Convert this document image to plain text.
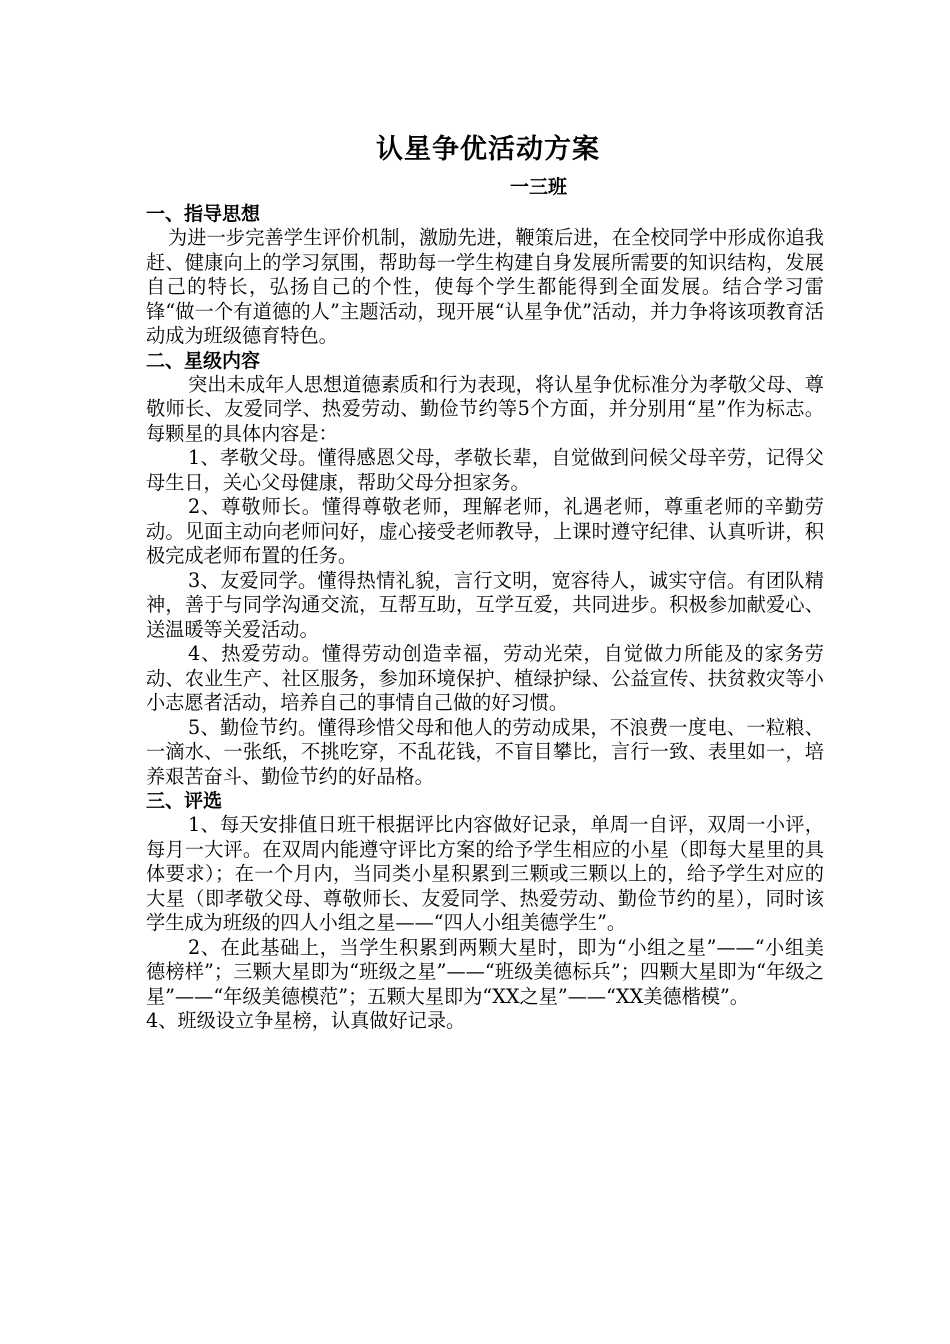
认星争优活动方案
一三班
一、指导思想

为进一步完善学生评价机制，激励先进，鞭策后进，在全校同学中形成你追我赶、健康向上的学习氛围，帮助每一学生构建自身发展所需要的知识结构，发展自己的特长，弘扬自己的个性，使每个学生都能得到全面发展。结合学习雷锋“做一个有道德的人”主题活动，现开展“认星争优”活动，并力争将该项教育活动成为班级德育特色。

二、星级内容

突出未成年人思想道德素质和行为表现，将认星争优标准分为孝敬父母、尊敬师长、友爱同学、热爱劳动、勤俭节约等5个方面，并分别用“星”作为标志。每颗星的具体内容是：

1、孝敬父母。懂得感恩父母，孝敬长辈，自觉做到问候父母辛劳，记得父母生日，关心父母健康，帮助父母分担家务。

2、尊敬师长。懂得尊敬老师，理解老师，礼遇老师，尊重老师的辛勤劳动。见面主动向老师问好，虚心接受老师教导，上课时遵守纪律、认真听讲，积极完成老师布置的任务。

3、友爱同学。懂得热情礼貌，言行文明，宽容待人，诚实守信。有团队精神，善于与同学沟通交流，互帮互助，互学互爱，共同进步。积极参加献爱心、送温暖等关爱活动。

4、热爱劳动。懂得劳动创造幸福，劳动光荣，自觉做力所能及的家务劳动、农业生产、社区服务，参加环境保护、植绿护绿、公益宣传、扶贫救灾等小小志愿者活动，培养自己的事情自己做的好习惯。

5、勤俭节约。懂得珍惜父母和他人的劳动成果，不浪费一度电、一粒粮、一滴水、一张纸，不挑吃穿，不乱花钱，不盲目攀比，言行一致、表里如一，培养艰苦奋斗、勤俭节约的好品格。

三、评选

1、每天安排值日班干根据评比内容做好记录，单周一自评，双周一小评，每月一大评。在双周内能遵守评比方案的给予学生相应的小星（即每大星里的具体要求）；在一个月内，当同类小星积累到三颗或三颗以上的，给予学生对应的大星（即孝敬父母、尊敬师长、友爱同学、热爱劳动、勤俭节约的星），同时该学生成为班级的四人小组之星——“四人小组美德学生”。

2、在此基础上，当学生积累到两颗大星时，即为“小组之星”——“小组美德榜样”；三颗大星即为“班级之星”——“班级美德标兵”；四颗大星即为“年级之星”——“年级美德模范”；五颗大星即为“XX之星”——“XX美德楷模”。

4、班级设立争星榜，认真做好记录。
